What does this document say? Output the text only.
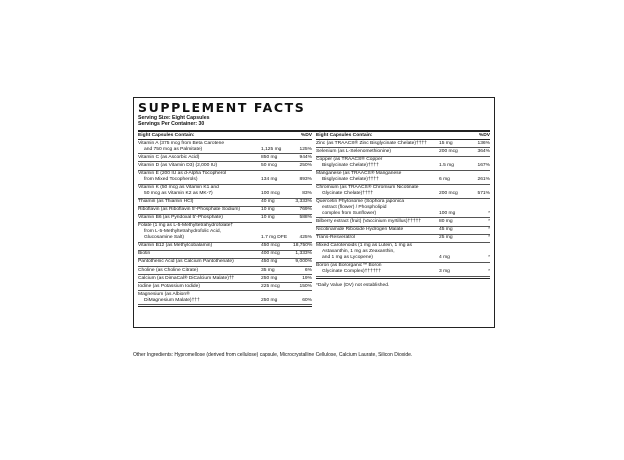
SUPPLEMENT FACTS
Serving Size: Eight Capsules
Servings Per Container: 30
Eight Capsules Contain:	%DV
Vitamin A (375 mcg from Beta Carotene
and 750 mcg as Palmitate)	1,125 mg	125%
Vitamin C (as Ascorbic Acid)	850 mg	944%
Vitamin D (as Vitamin D3) (2,000 IU)	50 mcg	250%
Vitamin E (200 IU as d-Alpha Tocopherol
from Mixed Tocopherols)	134 mg	893%
Vitamin K (50 mcg as Vitamin K1 and
50 mcg as Vitamin K2 as MK-7)	100 mcg	83%
Thiamin (as Thiamin HCl)	40 mg	3,333%
Riboflavin (as Riboflavin 5'-Phosphate Sodium)	10 mg	769%
Vitamin B6 (as Pyridoxal 5'-Phosphate)	10 mg	588%
Folate (1 mg as L-5-Methyltetrahydrofolate†
from L-5-Methyltetrahydrofolic Acid,
Glucosamine Salt)	1.7 mg DFE	425%
Vitamin B12 (as Methylcobalamin)	450 mcg	18,750%
Biotin	400 mcg	1,333%
Pantothenic Acid (as Calcium Pantothenate)	450 mg	9,000%
Choline (as Choline Citrate)	35 mg	6%
Calcium (as DimaCal® DiCalcium Malate)††	250 mg	19%
Iodine (as Potassium Iodide)	225 mcg	150%
Magnesium (as Albion®
DiMagnesium Malate)†††	250 mg	60%
Eight Capsules Contain:	%DV
Zinc (as TRAACS® Zinc Bisglycinate Chelate)††††	15 mg	136%
Selenium (as L-Selenomethionine)	200 mcg	364%
Copper (as TRAACS® Copper
Bisglycinate Chelate)††††	1.5 mg	167%
Manganese (as TRAACS® Manganese
Bisglycinate Chelate)††††	6 mg	261%
Chromium (as TRAACS® Chromium Nicotinate
Glycinate Chelate)††††	200 mcg	571%
Quercetin Phytosome (Sophora japonica
extract (flower) / Phospholipid
complex from Sunflower)	100 mg	*
Bilberry extract (fruit) (Vaccinium myrtillus)†††††	80 mg	*
Nicotinamide Riboside Hydrogen Malate	45 mg	*
Trans-Resveratrol	25 mg	*
Mixed Carotenoids (1 mg as Lutein, 1 mg as
Astaxanthin, 1 mg as Zeaxanthin,
and 1 mg as Lycopene)	4 mg	*
Boron (as Bororganic™ Boron
Glycinate Complex)††††††	3 mg	*
*Daily Value (DV) not established.
Other Ingredients: Hypromellose (derived from cellulose) capsule, Microcrystalline Cellulose, Calcium Laurate, Silicon Dioxide.
